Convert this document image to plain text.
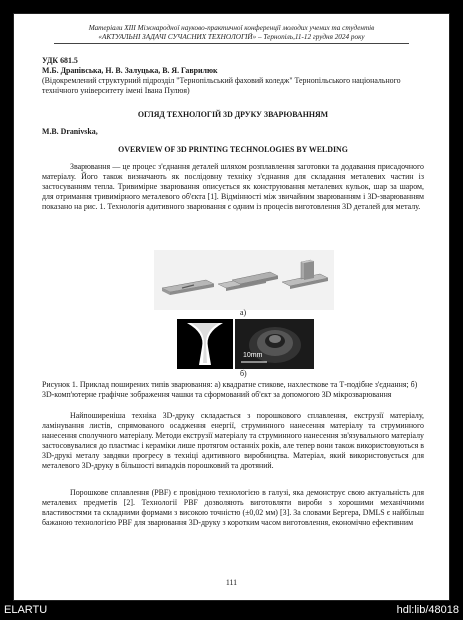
Матеріали XIII Міжнародної науково-практичної конференції молодих учених та студентів
«АКТУАЛЬНІ ЗАДАЧІ СУЧАСНИХ ТЕХНОЛОГІЙ» – Тернопіль,11-12 грудня 2024 року
УДК 681.5
М.Б. Драпівська, Н. В. Залуцька, В. Я. Гаврилюк
(Відокремлений структурний підрозділ "Тернопільський фаховий коледж" Тернопільського національного технічного університету імені Івана Пулюя)
ОГЛЯД ТЕХНОЛОГІЙ 3D ДРУКУ ЗВАРЮВАННЯМ
M.B. Dranivska,
OVERVIEW OF 3D PRINTING TECHNOLOGIES BY WELDING
Зварювання — це процес з'єднання деталей шляхом розплавлення заготовки та додавання присадочного матеріалу. Його також визначають як послідовну техніку з'єднання для складання металевих частин із застосуванням тепла. Тривимірне зварювання описується як конструювання металевих кульок, шар за шаром, для отримання тривимірного металевого об'єкта [1]. Відмінності між звичайним зварюванням і 3D-зварюванням показано на рис. 1. Технологія адитивного зварювання є одним із процесів виготовлення 3D деталей для металу.
а)
10mm
б)
Рисунок 1. Приклад поширених типів зварювання: а) квадратне стикове, нахлесткове та Т-подібне з'єднання; б) 3D-комп'ютерне графічне зображення чашки та сформований об'єкт за допомогою 3D мікрозварювання
Найпоширеніша техніка 3D-друку складається з порошкового сплавлення, екструзії матеріалу, ламінування листів, спрямованого осадження енергії, струминного нанесення матеріалу та струминного нанесення сполучного матеріалу. Методи екструзії матеріалу та струминного нанесення зв'язувального матеріалу застосовувалися до пластмас і кераміки лише протягом останніх років, але тепер вони також використовуються в 3D-друкі металу завдяки прогресу в техніці адитивного виробництва. Матеріал, який використовується для металевого 3D-друку в більшості випадків порошковий та дротяний.
Порошкове сплавлення (PBF) є провідною технологією в галузі, яка демонструє свою актуальність для металевих предметів [2]. Технології PBF дозволяють виготовляти вироби з хорошими механічними властивостями та складними формами з високою точністю (±0,02 мм) [3]. За словами Бергера, DMLS є найбільш бажаною технологією PBF для зварювання 3D-друку з коротким часом виготовлення, економічно ефективним
111
ELARTU	hdl:lib/48018
